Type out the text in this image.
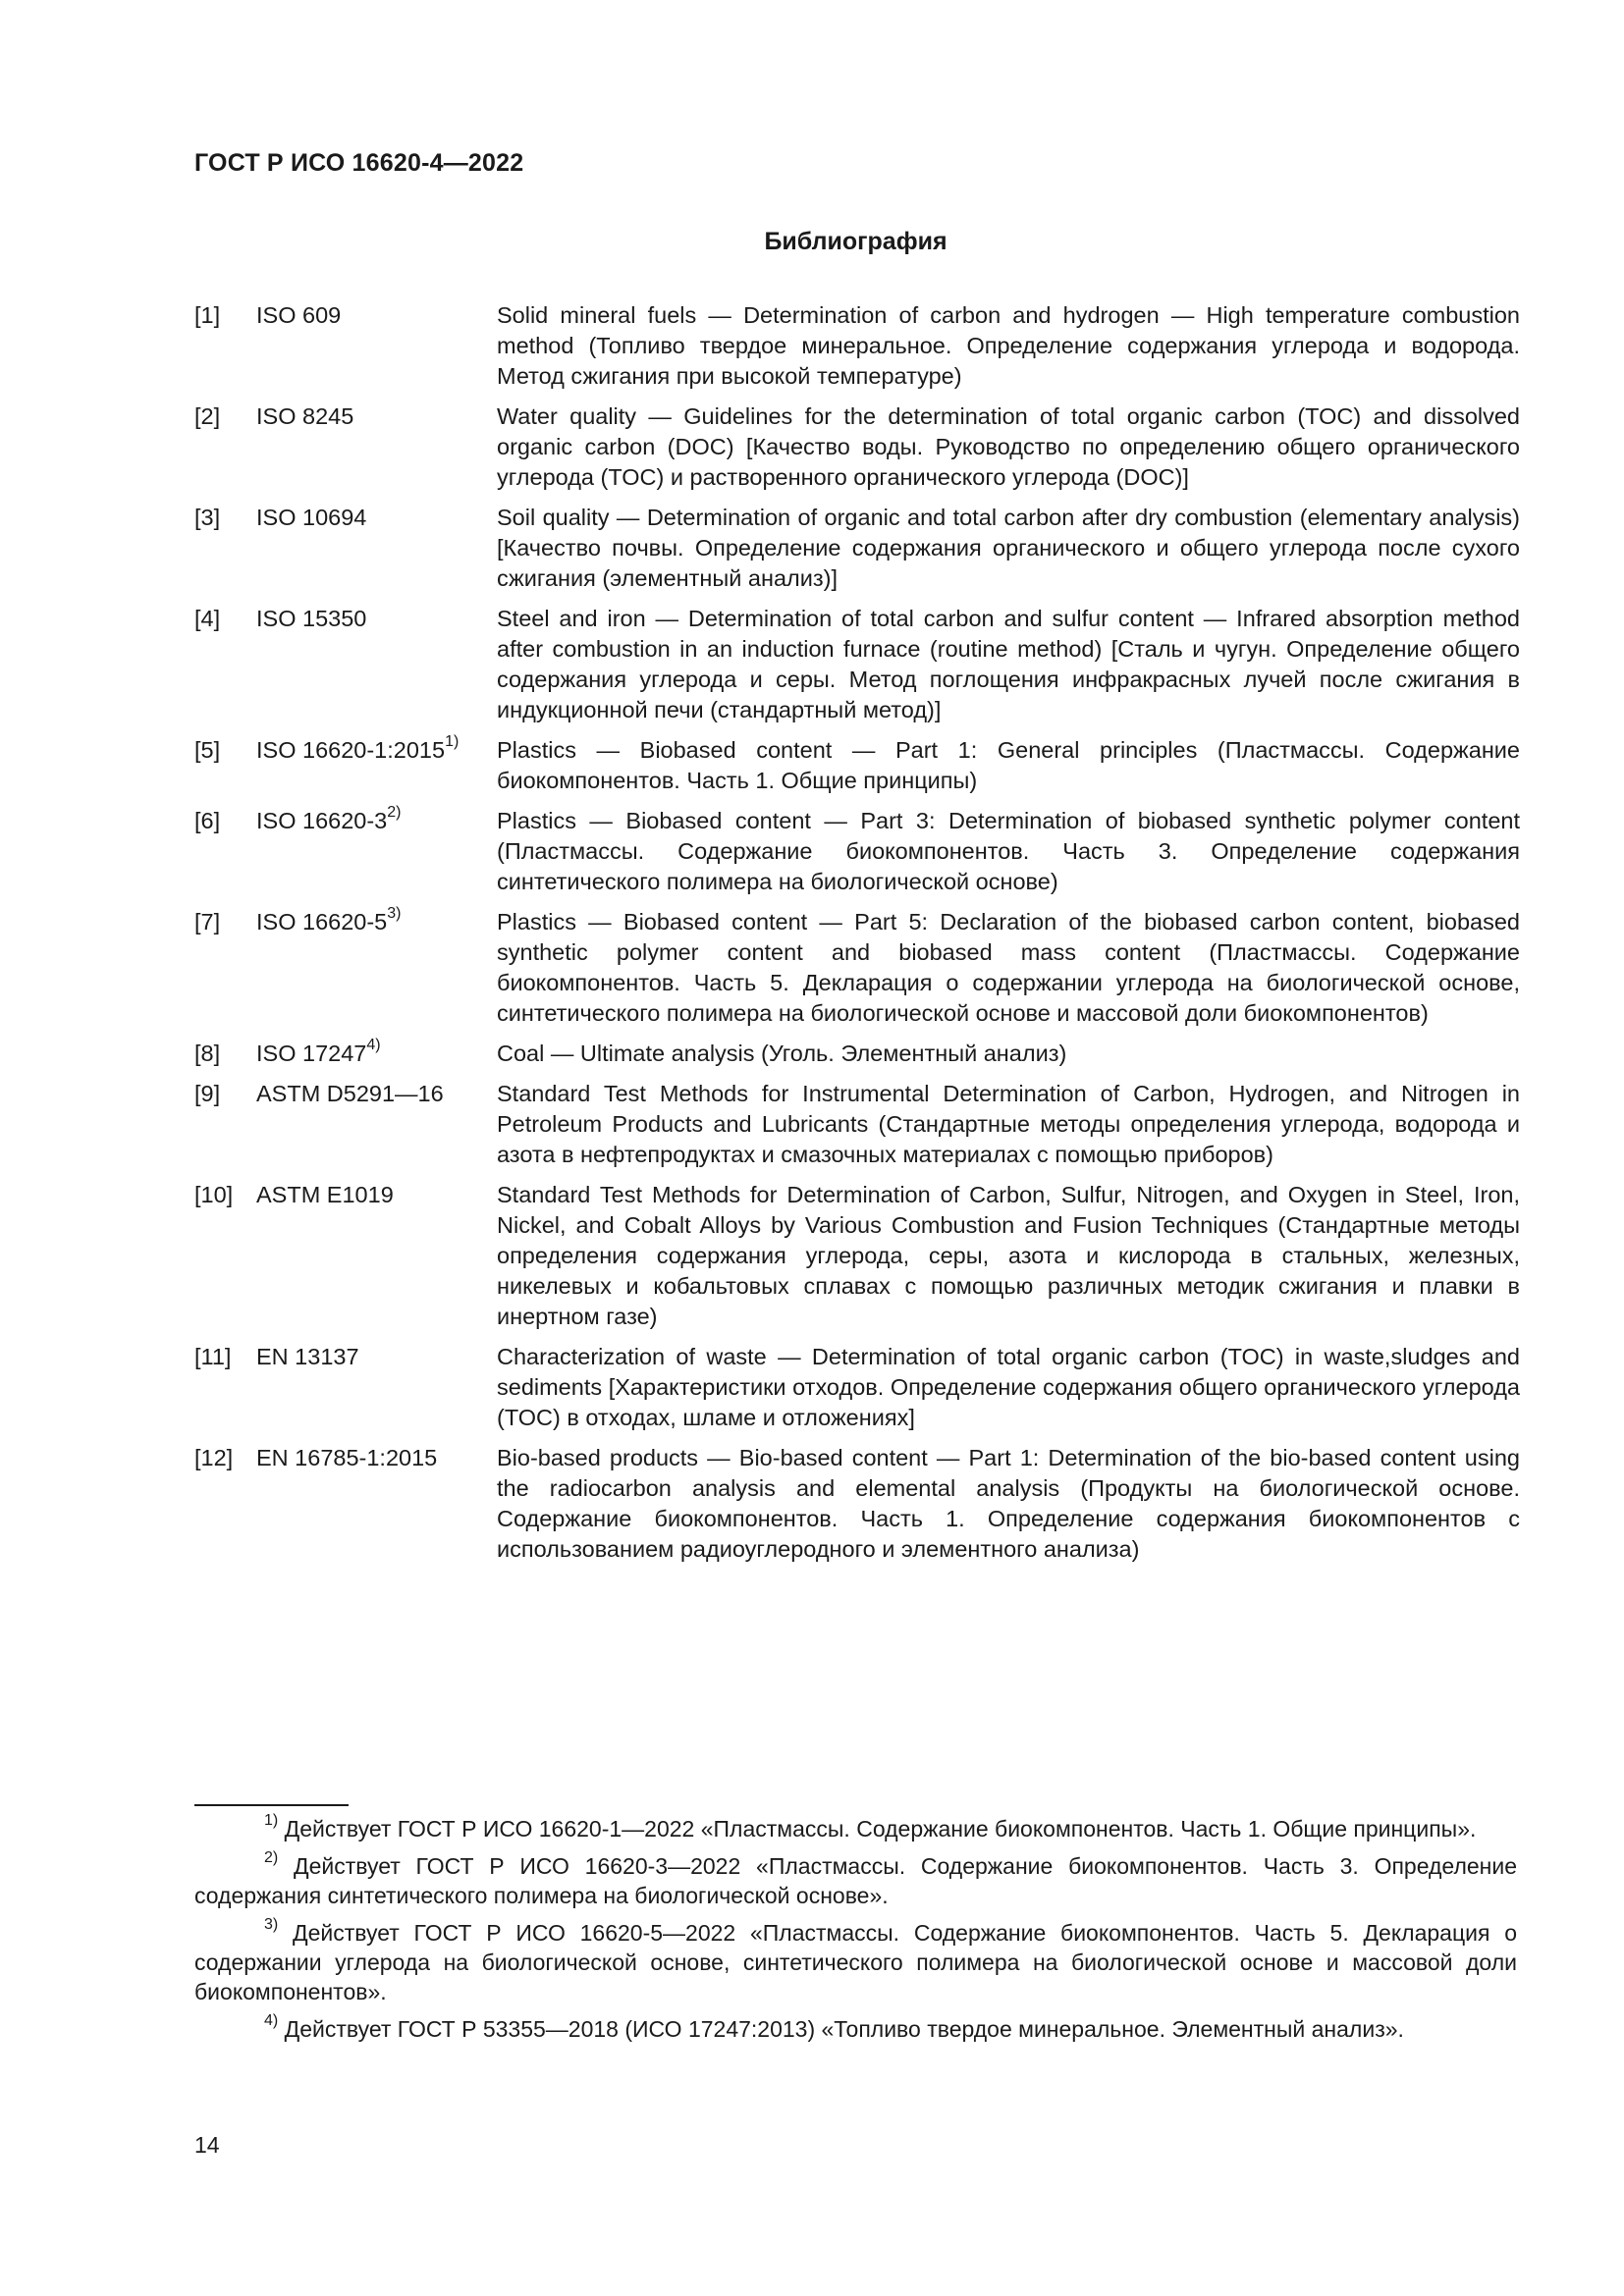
ГОСТ Р ИСО 16620-4—2022
Библиография
[1]	ISO 609	Solid mineral fuels — Determination of carbon and hydrogen — High temperature combustion method (Топливо твердое минеральное. Определение содержания углерода и водорода. Метод сжигания при высокой температуре)
[2]	ISO 8245	Water quality — Guidelines for the determination of total organic carbon (TOC) and dissolved organic carbon (DOC) [Качество воды. Руководство по определению общего органического углерода (TOC) и растворенного органического углерода (DOC)]
[3]	ISO 10694	Soil quality — Determination of organic and total carbon after dry combustion (elementary analysis) [Качество почвы. Определение содержания органического и общего углерода после сухого сжигания (элементный анализ)]
[4]	ISO 15350	Steel and iron — Determination of total carbon and sulfur content — Infrared absorption method after combustion in an induction furnace (routine method) [Сталь и чугун. Определение общего содержания углерода и серы. Метод поглощения инфракрасных лучей после сжигания в индукционной печи (стандартный метод)]
[5]	ISO 16620-1:2015$^{1)}$	Plastics — Biobased content — Part 1: General principles (Пластмассы. Содержание биокомпонентов. Часть 1. Общие принципы)
[6]	ISO 16620-3$^{2)}$	Plastics — Biobased content — Part 3: Determination of biobased synthetic polymer content (Пластмассы. Содержание биокомпонентов. Часть 3. Определение содержания синтетического полимера на биологической основе)
[7]	ISO 16620-5$^{3)}$	Plastics — Biobased content — Part 5: Declaration of the biobased carbon content, biobased synthetic polymer content and biobased mass content (Пластмассы. Содержание биокомпонентов. Часть 5. Декларация о содержании углерода на биологической основе, синтетического полимера на биологической основе и массовой доли биокомпонентов)
[8]	ISO 17247$^{4)}$	Coal — Ultimate analysis (Уголь. Элементный анализ)
[9]	ASTM D5291—16	Standard Test Methods for Instrumental Determination of Carbon, Hydrogen, and Nitrogen in Petroleum Products and Lubricants (Стандартные методы определения углерода, водорода и азота в нефтепродуктах и смазочных материалах с помощью приборов)
[10]	ASTM E1019	Standard Test Methods for Determination of Carbon, Sulfur, Nitrogen, and Oxygen in Steel, Iron, Nickel, and Cobalt Alloys by Various Combustion and Fusion Techniques (Стандартные методы определения содержания углерода, серы, азота и кислорода в стальных, железных, никелевых и кобальтовых сплавах с помощью различных методик сжигания и плавки в инертном газе)
[11]	EN 13137	Characterization of waste — Determination of total organic carbon (TOC) in waste,sludges and sediments [Характеристики отходов. Определение содержания общего органического углерода (TOC) в отходах, шламе и отложениях]
[12]	EN 16785-1:2015	Bio-based products — Bio-based content — Part 1: Determination of the bio-based content using the radiocarbon analysis and elemental analysis (Продукты на биологической основе. Содержание биокомпонентов. Часть 1. Определение содержания биокомпонентов с использованием радиоуглеродного и элементного анализа)

$^{1)}$ Действует ГОСТ Р ИСО 16620-1—2022 «Пластмассы. Содержание биокомпонентов. Часть 1. Общие принципы».

$^{2)}$ Действует ГОСТ Р ИСО 16620-3—2022 «Пластмассы. Содержание биокомпонентов. Часть 3. Определение содержания синтетического полимера на биологической основе».

$^{3)}$ Действует ГОСТ Р ИСО 16620-5—2022 «Пластмассы. Содержание биокомпонентов. Часть 5. Декларация о содержании углерода на биологической основе, синтетического полимера на биологической основе и массовой доли биокомпонентов».

$^{4)}$ Действует ГОСТ Р 53355—2018 (ИСО 17247:2013) «Топливо твердое минеральное. Элементный анализ».

14
